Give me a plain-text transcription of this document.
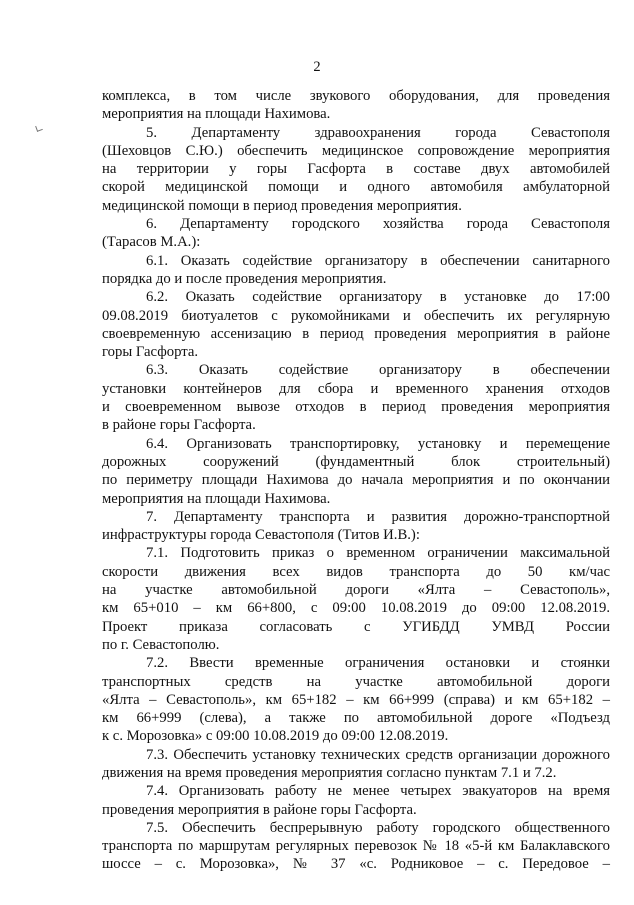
2
комплекса, в том числе звукового оборудования, для проведения
мероприятия на площади Нахимова.
5. Департаменту здравоохранения города Севастополя
(Шеховцов С.Ю.) обеспечить медицинское сопровождение мероприятия
на территории у горы Гасфорта в составе двух автомобилей
скорой медицинской помощи и одного автомобиля амбулаторной
медицинской помощи в период проведения мероприятия.
6. Департаменту городского хозяйства города Севастополя
(Тарасов М.А.):
6.1. Оказать содействие организатору в обеспечении санитарного
порядка до и после проведения мероприятия.
6.2. Оказать содействие организатору в установке до 17:00
09.08.2019 биотуалетов с рукомойниками и обеспечить их регулярную
своевременную ассенизацию в период проведения мероприятия в районе
горы Гасфорта.
6.3. Оказать содействие организатору в обеспечении
установки контейнеров для сбора и временного хранения отходов
и своевременном вывозе отходов в период проведения мероприятия
в районе горы Гасфорта.
6.4. Организовать транспортировку, установку и перемещение
дорожных сооружений (фундаментный блок строительный)
по периметру площади Нахимова до начала мероприятия и по окончании
мероприятия на площади Нахимова.
7. Департаменту транспорта и развития дорожно-транспортной
инфраструктуры города Севастополя (Титов И.В.):
7.1. Подготовить приказ о временном ограничении максимальной
скорости движения всех видов транспорта до 50 км/час
на участке автомобильной дороги «Ялта – Севастополь»,
км 65+010 – км 66+800, с 09:00 10.08.2019 до 09:00 12.08.2019.
Проект приказа согласовать с УГИБДД УМВД России
по г. Севастополю.
7.2. Ввести временные ограничения остановки и стоянки
транспортных средств на участке автомобильной дороги
«Ялта – Севастополь», км 65+182 – км 66+999 (справа) и км 65+182 –
км 66+999 (слева), а также по автомобильной дороге «Подъезд
к с. Морозовка» с 09:00 10.08.2019 до 09:00 12.08.2019.
7.3. Обеспечить установку технических средств организации дорожного
движения на время проведения мероприятия согласно пунктам 7.1 и 7.2.
7.4. Организовать работу не менее четырех эвакуаторов на время
проведения мероприятия в районе горы Гасфорта.
7.5. Обеспечить беспрерывную работу городского общественного
транспорта по маршрутам регулярных перевозок № 18 «5-й км Балаклавского
шоссе – с. Морозовка», № 37 «с. Родниковое – с. Передовое –
